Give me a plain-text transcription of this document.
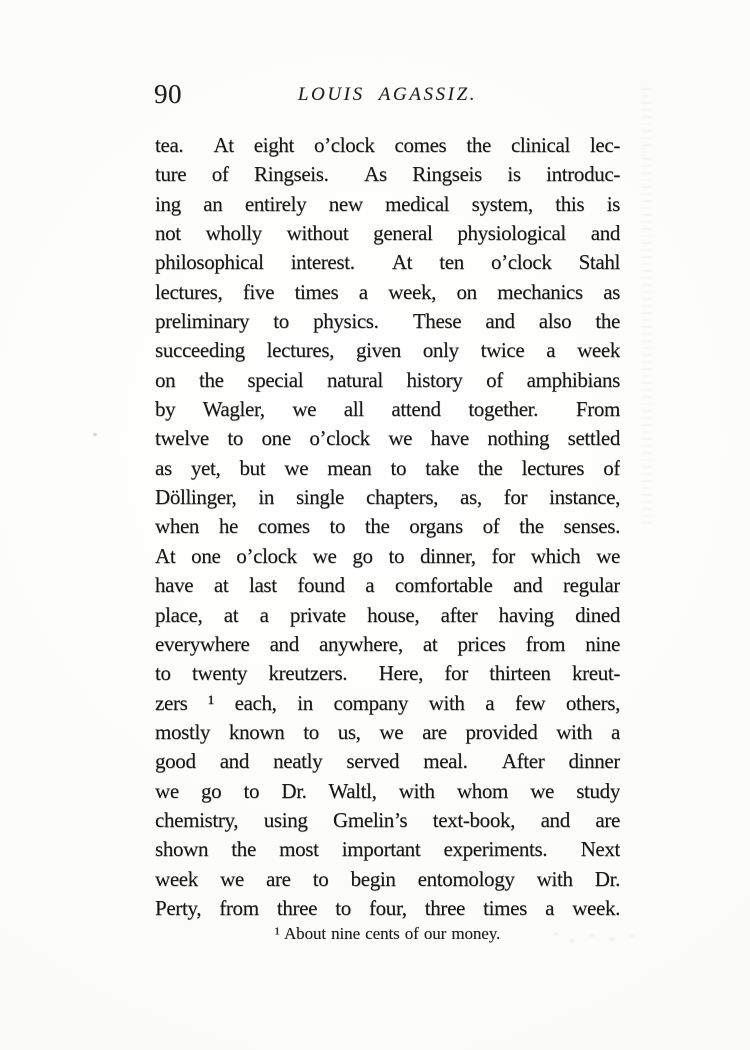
90	LOUIS AGASSIZ.
tea.  At eight o’clock comes the clinical lec-
ture of Ringseis.  As Ringseis is introduc-
ing an entirely new medical system, this is
not wholly without general physiological and
philosophical interest.  At ten o’clock Stahl
lectures, five times a week, on mechanics as
preliminary to physics.  These and also the
succeeding lectures, given only twice a week
on the special natural history of amphibians
by Wagler, we all attend together.  From
twelve to one o’clock we have nothing settled
as yet, but we mean to take the lectures of
Döllinger, in single chapters, as, for instance,
when he comes to the organs of the senses.
At one o’clock we go to dinner, for which we
have at last found a comfortable and regular
place, at a private house, after having dined
everywhere and anywhere, at prices from nine
to twenty kreutzers.  Here, for thirteen kreut-
zers ¹ each, in company with a few others,
mostly known to us, we are provided with a
good and neatly served meal.  After dinner
we go to Dr. Waltl, with whom we study
chemistry, using Gmelin’s text-book, and are
shown the most important experiments.  Next
week we are to begin entomology with Dr.
Perty, from three to four, three times a week.
¹ About nine cents of our money.
